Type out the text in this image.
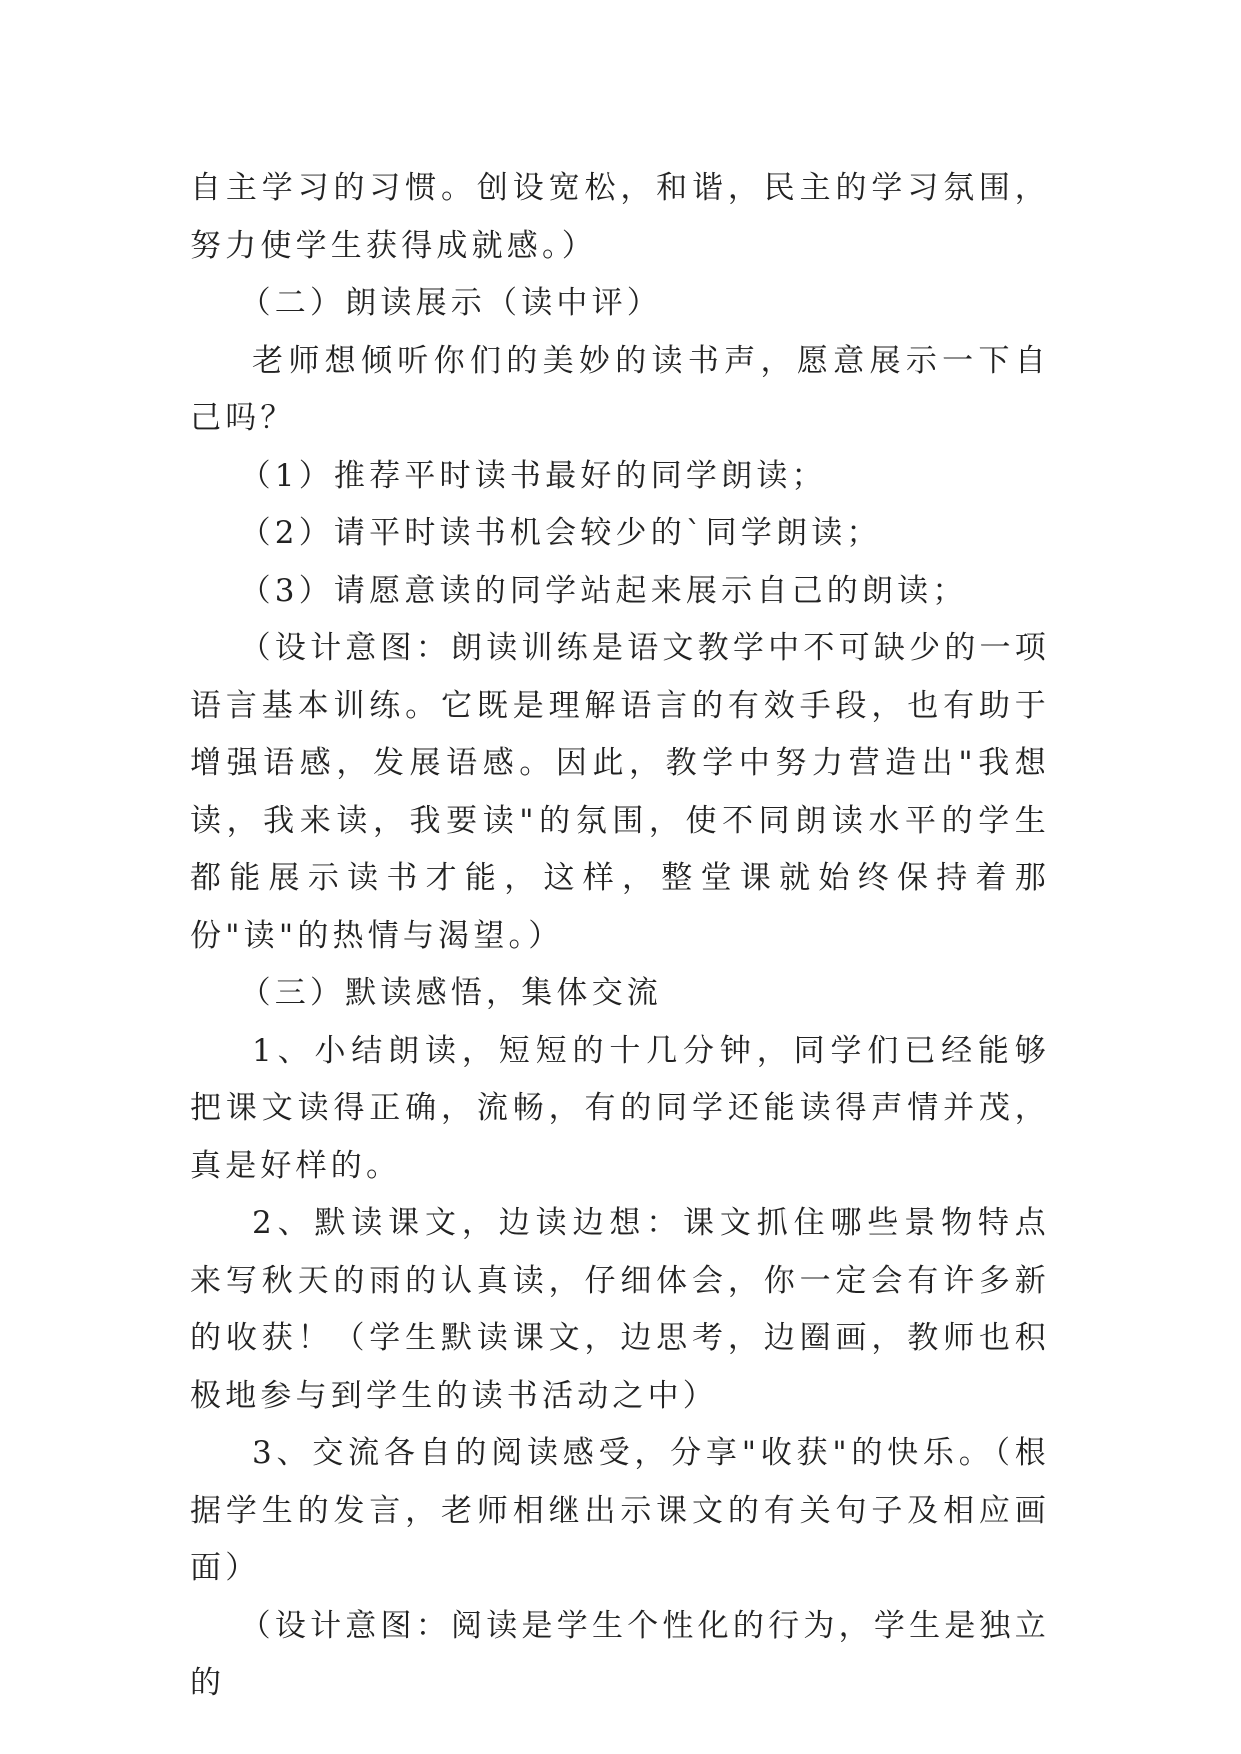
自主学习的习惯。创设宽松，和谐，民主的学习氛围，努力使学生获得成就感。）

（二）朗读展示（读中评）

老师想倾听你们的美妙的读书声，愿意展示一下自己吗？

（1）推荐平时读书最好的同学朗读；

（2）请平时读书机会较少的`同学朗读；

（3）请愿意读的同学站起来展示自己的朗读；

（设计意图：朗读训练是语文教学中不可缺少的一项语言基本训练。它既是理解语言的有效手段，也有助于增强语感，发展语感。因此，教学中努力营造出"我想读，我来读，我要读"的氛围，使不同朗读水平的学生都能展示读书才能，这样，整堂课就始终保持着那份"读"的热情与渴望。）

（三）默读感悟，集体交流

1、小结朗读，短短的十几分钟，同学们已经能够把课文读得正确，流畅，有的同学还能读得声情并茂，真是好样的。

2、默读课文，边读边想：课文抓住哪些景物特点来写秋天的雨的认真读，仔细体会，你一定会有许多新的收获！（学生默读课文，边思考，边圈画，教师也积极地参与到学生的读书活动之中）

3、交流各自的阅读感受，分享"收获"的快乐。（根据学生的发言，老师相继出示课文的有关句子及相应画面）

（设计意图：阅读是学生个性化的行为，学生是独立的
